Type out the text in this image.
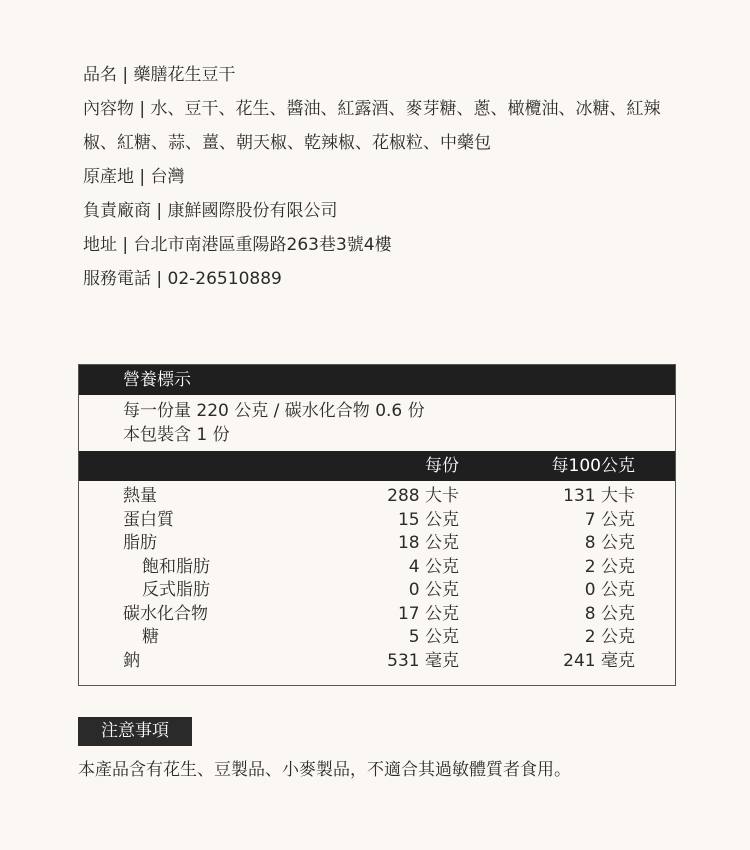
品名 | 藥膳花生豆干
內容物 | 水、豆干、花生、醬油、紅露酒、麥芽糖、蔥、橄欖油、冰糖、紅辣椒、紅糖、蒜、薑、朝天椒、乾辣椒、花椒粒、中藥包
原產地 | 台灣
負責廠商 | 康鮮國際股份有限公司
地址 | 台北市南港區重陽路263巷3號4樓
服務電話 | 02-26510889
營養標示
每一份量 220 公克 / 碳水化合物 0.6 份
本包裝含 1 份
每份	每100公克
熱量	288 大卡	131 大卡
蛋白質	15 公克	7 公克
脂肪	18 公克	8 公克
飽和脂肪	4 公克	2 公克
反式脂肪	0 公克	0 公克
碳水化合物	17 公克	8 公克
糖	5 公克	2 公克
鈉	531 毫克	241 毫克
注意事項
本產品含有花生、豆製品、小麥製品，不適合其過敏體質者食用。
